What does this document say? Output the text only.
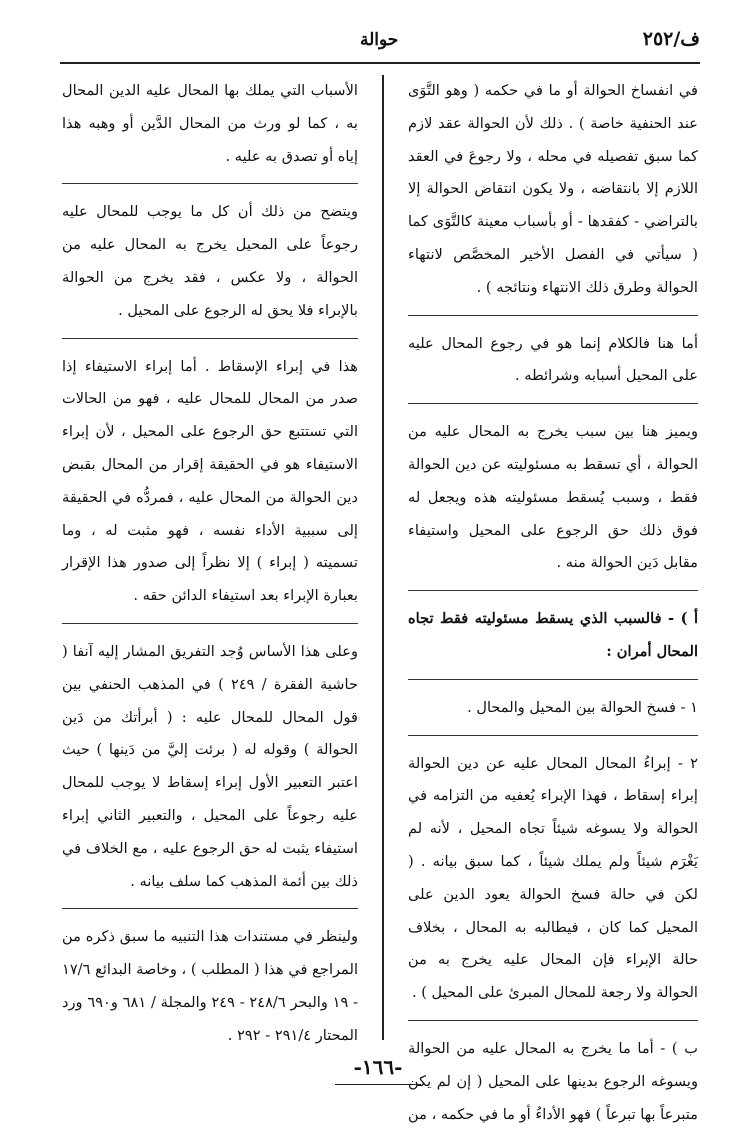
ف/٢٥٢
حوالة

في انفساخ الحوالة أو ما في حكمه ( وهو التَّوَى عند الحنفية خاصة ) . ذلك لأن الحوالة عقد لازم كما سبق تفصيله في محله ، ولا رجوعَ في العقد اللازم إلا بانتقاضه ، ولا يكون انتقاض الحوالة إلا بالتراضي - كفقدها - أو بأسباب معينة كالتَّوَى كما ( سيأتي في الفصل الأخير المخصَّص لانتهاء الحوالة وطرق ذلك الانتهاء ونتائجه ) .

أما هنا فالكلام إنما هو في رجوع المحال عليه على المحيل أسبابه وشرائطه .

ويميز هنا بين سبب يخرج به المحال عليه من الحوالة ، أي تسقط به مسئوليته عن دين الحوالة فقط ، وسبب يُسقط مسئوليته هذه ويجعل له فوق ذلك حق الرجوع على المحيل واستيفاء مقابل دَين الحوالة منه .

أ ) - فالسبب الذي يسقط مسئوليته فقط تجاه المحال أمران :

١ - فسخ الحوالة بين المحيل والمحال .

٢ - إبراءُ المحال المحال عليه عن دين الحوالة إبراء إسقاط ، فهذا الإبراء يُعفيه من التزامه في الحوالة ولا يسوغه شيئاً تجاه المحيل ، لأنه لم يَغْرَم شيئاً ولم يملك شيئاً ، كما سبق بيانه . ( لكن في حالة فسخ الحوالة يعود الدين على المحيل كما كان ، فيطالبه به المحال ، بخلاف حالة الإبراء فإن المحال عليه يخرج به من الحوالة ولا رجعة للمحال المبرئ على المحيل ) .

ب ) - أما ما يخرج به المحال عليه من الحوالة ويسوغه الرجوع بدينها على المحيل ( إن لم يكن متبرعاً بها تبرعاً ) فهو الأداءُ أو ما في حكمه ، من

الأسباب التي يملك بها المحال عليه الدين المحال به ، كما لو ورث من المحال الدَّين أو وهبه هذا إياه أو تصدق به عليه .

ويتضح من ذلك أن كل ما يوجب للمحال عليه رجوعاً على المحيل يخرج به المحال عليه من الحوالة ، ولا عكس ، فقد يخرج من الحوالة بالإبراء فلا يحق له الرجوع على المحيل .

هذا في إبراء الإسقاط . أما إبراء الاستيفاء إذا صدر من المحال للمحال عليه ، فهو من الحالات التي تستتبع حق الرجوع على المحيل ، لأن إبراء الاستيفاء هو في الحقيقة إقرار من المحال بقبض دين الحوالة من المحال عليه ، فمردُّه في الحقيقة إلى سببية الأداء نفسه ، فهو مثبت له ، وما تسميته ( إبراء ) إلا نظراً إلى صدور هذا الإقرار بعبارة الإبراء بعد استيفاء الدائن حقه .

وعلى هذا الأساس وُجد التفريق المشار إليه آنفا ( حاشية الفقرة / ٢٤٩ ) في المذهب الحنفي بين قول المحال للمحال عليه : ( أبرأتك من دَين الحوالة ) وقوله له ( برئت إليَّ من دَينها ) حيث اعتبر التعبير الأول إبراء إسقاط لا يوجب للمحال عليه رجوعاً على المحيل ، والتعبير الثاني إبراء استيفاء يثبت له حق الرجوع عليه ، مع الخلاف في ذلك بين أئمة المذهب كما سلف بيانه .

ولينظر في مستندات هذا التنبيه ما سبق ذكره من المراجع في هذا ( المطلب ) ، وخاصة البدائع ١٧/٦ - ١٩ والبحر ٢٤٨/٦ - ٢٤٩ والمجلة / ٦٨١ و٦٩٠ ورد المحتار ٢٩١/٤ - ٢٩٢ .

-١٦٦-
